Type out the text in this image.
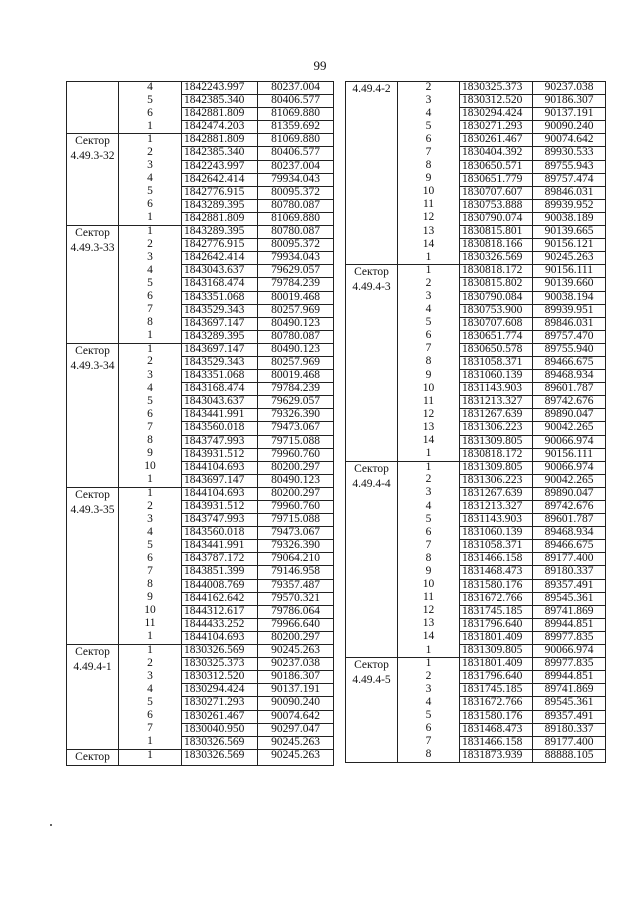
99
	4	1842243.997	80237.004
	5	1842385.340	80406.577
	6	1842881.809	81069.880
	1	1842474.203	81359.692
Сектор 4.49.3-32	1	1842881.809	81069.880
	2	1842385.340	80406.577
	3	1842243.997	80237.004
	4	1842642.414	79934.043
	5	1842776.915	80095.372
	6	1843289.395	80780.087
	1	1842881.809	81069.880
Сектор 4.49.3-33	1	1843289.395	80780.087
	2	1842776.915	80095.372
	3	1842642.414	79934.043
	4	1843043.637	79629.057
	5	1843168.474	79784.239
	6	1843351.068	80019.468
	7	1843529.343	80257.969
	8	1843697.147	80490.123
	1	1843289.395	80780.087
Сектор 4.49.3-34	1	1843697.147	80490.123
	2	1843529.343	80257.969
	3	1843351.068	80019.468
	4	1843168.474	79784.239
	5	1843043.637	79629.057
	6	1843441.991	79326.390
	7	1843560.018	79473.067
	8	1843747.993	79715.088
	9	1843931.512	79960.760
	10	1844104.693	80200.297
	1	1843697.147	80490.123
Сектор 4.49.3-35	1	1844104.693	80200.297
	2	1843931.512	79960.760
	3	1843747.993	79715.088
	4	1843560.018	79473.067
	5	1843441.991	79326.390
	6	1843787.172	79064.210
	7	1843851.399	79146.958
	8	1844008.769	79357.487
	9	1844162.642	79570.321
	10	1844312.617	79786.064
	11	1844433.252	79966.640
	1	1844104.693	80200.297
Сектор 4.49.4-1	1	1830326.569	90245.263
	2	1830325.373	90237.038
	3	1830312.520	90186.307
	4	1830294.424	90137.191
	5	1830271.293	90090.240
	6	1830261.467	90074.642
	7	1830040.950	90297.047
	1	1830326.569	90245.263
Сектор	1	1830326.569	90245.263
4.49.4-2	2	1830325.373	90237.038
	3	1830312.520	90186.307
	4	1830294.424	90137.191
	5	1830271.293	90090.240
	6	1830261.467	90074.642
	7	1830404.392	89930.533
	8	1830650.571	89755.943
	9	1830651.779	89757.474
	10	1830707.607	89846.031
	11	1830753.888	89939.952
	12	1830790.074	90038.189
	13	1830815.801	90139.665
	14	1830818.166	90156.121
	1	1830326.569	90245.263
Сектор 4.49.4-3	1	1830818.172	90156.111
	2	1830815.802	90139.660
	3	1830790.084	90038.194
	4	1830753.900	89939.951
	5	1830707.608	89846.031
	6	1830651.774	89757.470
	7	1830650.578	89755.940
	8	1831058.371	89466.675
	9	1831060.139	89468.934
	10	1831143.903	89601.787
	11	1831213.327	89742.676
	12	1831267.639	89890.047
	13	1831306.223	90042.265
	14	1831309.805	90066.974
	1	1830818.172	90156.111
Сектор 4.49.4-4	1	1831309.805	90066.974
	2	1831306.223	90042.265
	3	1831267.639	89890.047
	4	1831213.327	89742.676
	5	1831143.903	89601.787
	6	1831060.139	89468.934
	7	1831058.371	89466.675
	8	1831466.158	89177.400
	9	1831468.473	89180.337
	10	1831580.176	89357.491
	11	1831672.766	89545.361
	12	1831745.185	89741.869
	13	1831796.640	89944.851
	14	1831801.409	89977.835
	1	1831309.805	90066.974
Сектор 4.49.4-5	1	1831801.409	89977.835
	2	1831796.640	89944.851
	3	1831745.185	89741.869
	4	1831672.766	89545.361
	5	1831580.176	89357.491
	6	1831468.473	89180.337
	7	1831466.158	89177.400
	8	1831873.939	88888.105
